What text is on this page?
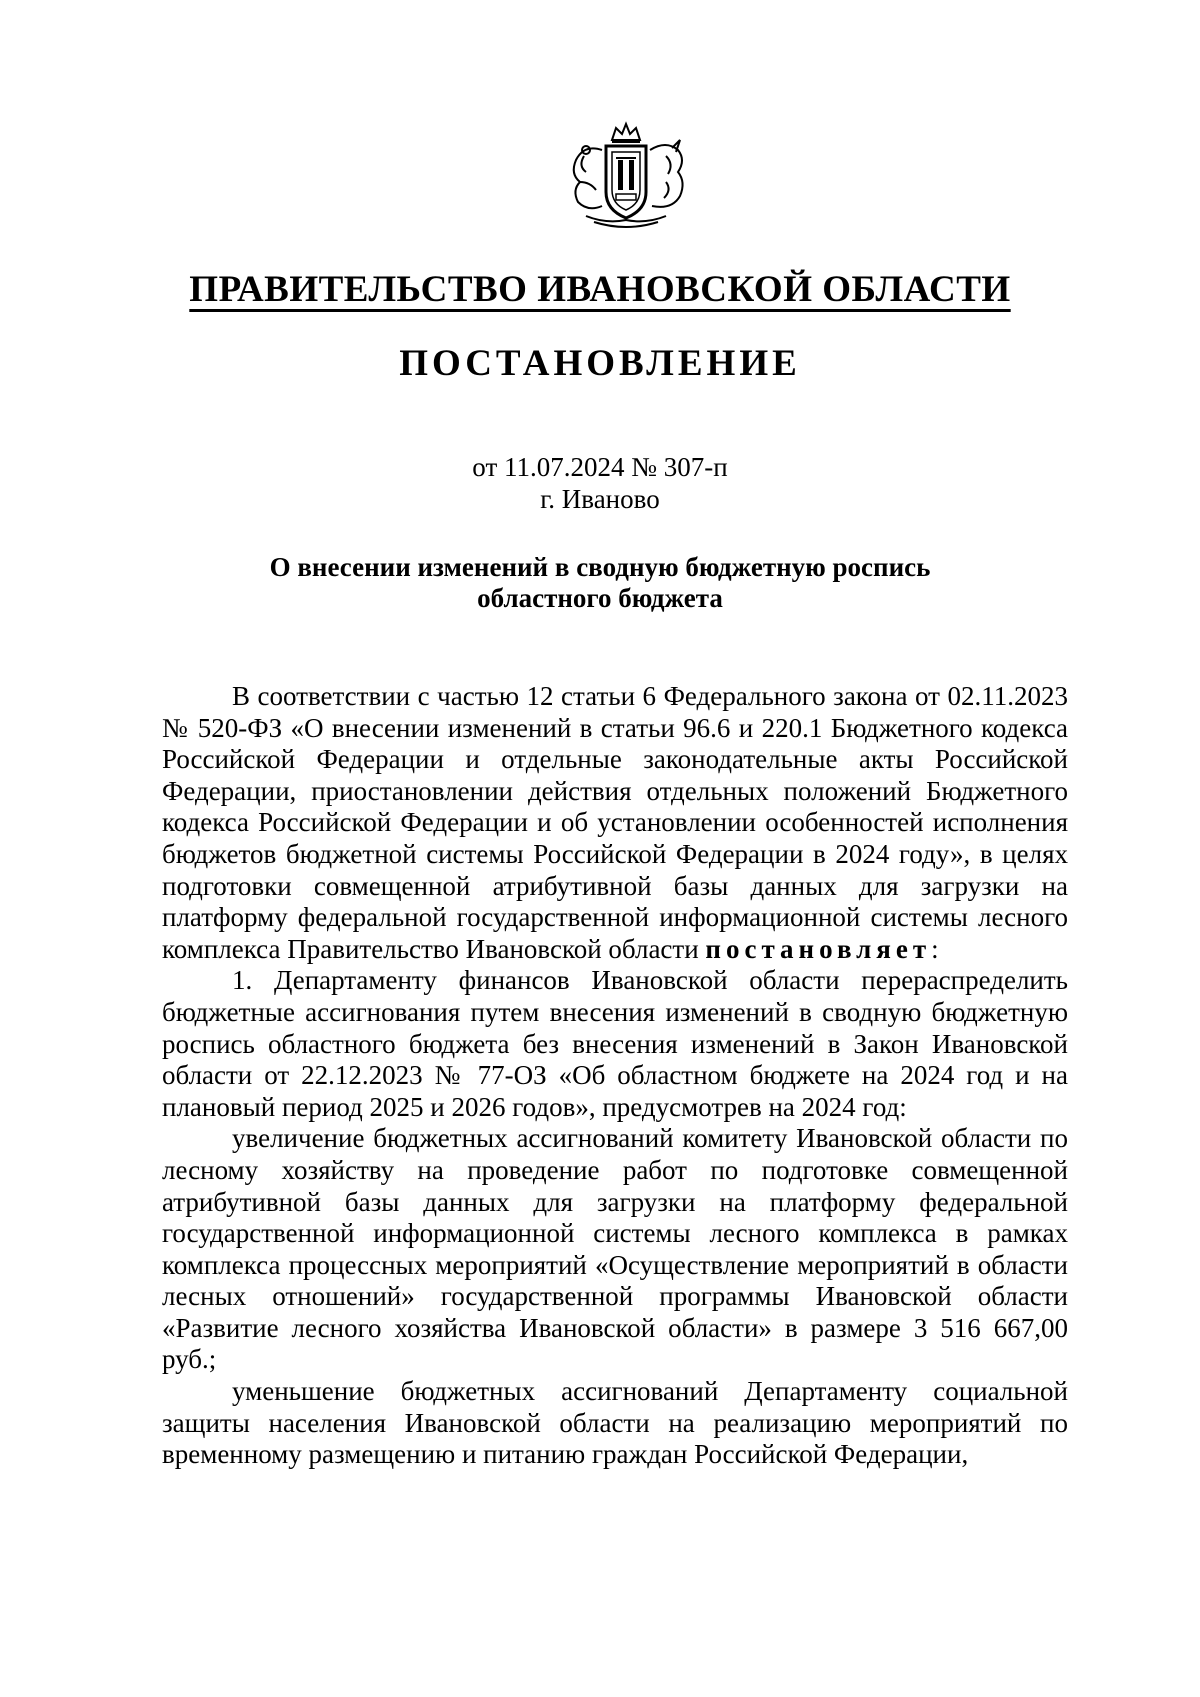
ПРАВИТЕЛЬСТВО ИВАНОВСКОЙ ОБЛАСТИ
ПОСТАНОВЛЕНИЕ
от 11.07.2024 № 307-п
г. Иваново
О внесении изменений в сводную бюджетную роспись
областного бюджета

В соответствии с частью 12 статьи 6 Федерального закона от 02.11.2023 № 520-ФЗ «О внесении изменений в статьи 96.6 и 220.1 Бюджетного кодекса Российской Федерации и отдельные законодательные акты Российской Федерации, приостановлении действия отдельных положений Бюджетного кодекса Российской Федерации и об установлении особенностей исполнения бюджетов бюджетной системы Российской Федерации в 2024 году», в целях подготовки совмещенной атрибутивной базы данных для загрузки на платформу федеральной государственной информационной системы лесного комплекса Правительство Ивановской области постановляет:

1. Департаменту финансов Ивановской области перераспределить бюджетные ассигнования путем внесения изменений в сводную бюджетную роспись областного бюджета без внесения изменений в Закон Ивановской области от 22.12.2023 № 77-ОЗ «Об областном бюджете на 2024 год и на плановый период 2025 и 2026 годов», предусмотрев на 2024 год:

увеличение бюджетных ассигнований комитету Ивановской области по лесному хозяйству на проведение работ по подготовке совмещенной атрибутивной базы данных для загрузки на платформу федеральной государственной информационной системы лесного комплекса в рамках комплекса процессных мероприятий «Осуществление мероприятий в области лесных отношений» государственной программы Ивановской области «Развитие лесного хозяйства Ивановской области» в размере 3 516 667,00 руб.;

уменьшение бюджетных ассигнований Департаменту социальной защиты населения Ивановской области на реализацию мероприятий по временному размещению и питанию граждан Российской Федерации,
